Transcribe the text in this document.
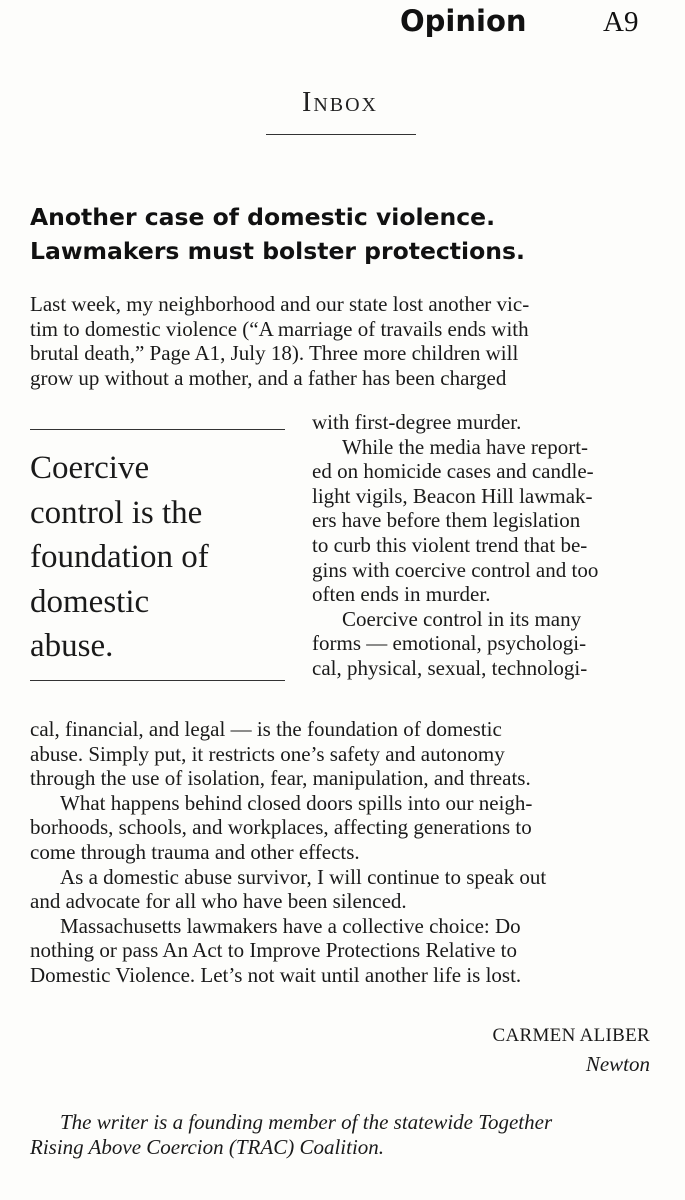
Opinion	A9
Inbox
Another case of domestic violence.
Lawmakers must bolster protections.
Last week, my neighborhood and our state lost another vic-
tim to domestic violence (“A marriage of travails ends with
brutal death,” Page A1, July 18). Three more children will
grow up without a mother, and a father has been charged
Coercive
control is the
foundation of
domestic
abuse.
with first-degree murder.
While the media have report-
ed on homicide cases and candle-
light vigils, Beacon Hill lawmak-
ers have before them legislation
to curb this violent trend that be-
gins with coercive control and too
often ends in murder.
Coercive control in its many
forms — emotional, psychologi-
cal, physical, sexual, technologi-
cal, financial, and legal — is the foundation of domestic
abuse. Simply put, it restricts one’s safety and autonomy
through the use of isolation, fear, manipulation, and threats.
What happens behind closed doors spills into our neigh-
borhoods, schools, and workplaces, affecting generations to
come through trauma and other effects.
As a domestic abuse survivor, I will continue to speak out
and advocate for all who have been silenced.
Massachusetts lawmakers have a collective choice: Do
nothing or pass An Act to Improve Protections Relative to
Domestic Violence. Let’s not wait until another life is lost.
CARMEN ALIBER
Newton
The writer is a founding member of the statewide Together
Rising Above Coercion (TRAC) Coalition.
